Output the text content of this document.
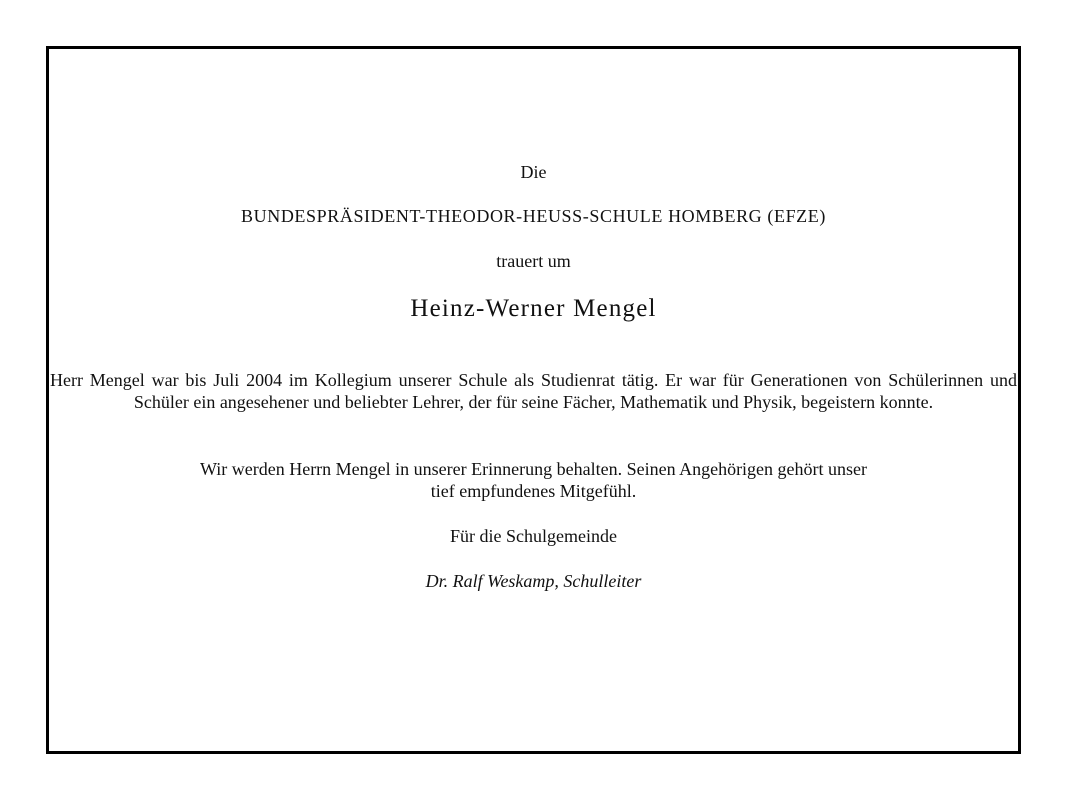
Die
BUNDESPRÄSIDENT-THEODOR-HEUSS-SCHULE HOMBERG (EFZE)
trauert um
Heinz-Werner Mengel
Herr Mengel war bis Juli 2004 im Kollegium unserer Schule als Studienrat tätig. Er war für Generationen von Schülerinnen und Schüler ein angesehener und beliebter Lehrer, der für seine Fächer, Mathematik und Physik, begeistern konnte.
Wir werden Herrn Mengel in unserer Erinnerung behalten. Seinen Angehörigen gehört unser
tief empfundenes Mitgefühl.
Für die Schulgemeinde
Dr. Ralf Weskamp, Schulleiter
